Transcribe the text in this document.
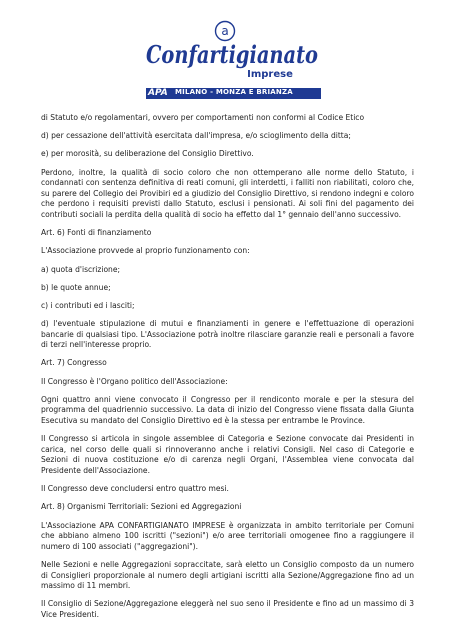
a
Confartigianato
Imprese
APA MILANO - MONZA E BRIANZA

di Statuto e/o regolamentari, ovvero per comportamenti non conformi al Codice Etico

d) per cessazione dell'attività esercitata dall'impresa, e/o scioglimento della ditta;

e) per morosità, su deliberazione del Consiglio Direttivo.

Perdono, inoltre, la qualità di socio coloro che non ottemperano alle norme dello Statuto, i condannati con sentenza definitiva di reati comuni, gli interdetti, i falliti non riabilitati, coloro che, su parere del Collegio dei Provibiri ed a giudizio del Consiglio Direttivo, si rendono indegni e coloro che perdono i requisiti previsti dallo Statuto, esclusi i pensionati. Ai soli fini del pagamento dei contributi sociali la perdita della qualità di socio ha effetto dal 1° gennaio dell'anno successivo.

Art. 6) Fonti di finanziamento

L'Associazione provvede al proprio funzionamento con:

a) quota d'iscrizione;

b) le quote annue;

c) i contributi ed i lasciti;

d) l'eventuale stipulazione di mutui e finanziamenti in genere e l'effettuazione di operazioni bancarie di qualsiasi tipo. L'Associazione potrà inoltre rilasciare garanzie reali e personali a favore di terzi nell'interesse proprio.

Art. 7) Congresso

Il Congresso è l'Organo politico dell'Associazione:

Ogni quattro anni viene convocato il Congresso per il rendiconto morale e per la stesura del programma del quadriennio successivo. La data di inizio del Congresso viene fissata dalla Giunta Esecutiva su mandato del Consiglio Direttivo ed è la stessa per entrambe le Province.

Il Congresso si articola in singole assemblee di Categoria e Sezione convocate dai Presidenti in carica, nel corso delle quali si rinnoveranno anche i relativi Consigli. Nel caso di Categorie e Sezioni di nuova costituzione e/o di carenza negli Organi, l'Assemblea viene convocata dal Presidente dell'Associazione.

Il Congresso deve concludersi entro quattro mesi.

Art. 8) Organismi Territoriali: Sezioni ed Aggregazioni

L'Associazione APA CONFARTIGIANATO IMPRESE è organizzata in ambito territoriale per Comuni che abbiano almeno 100 iscritti ("sezioni") e/o aree territoriali omogenee fino a raggiungere il numero di 100 associati ("aggregazioni").

Nelle Sezioni e nelle Aggregazioni sopraccitate, sarà eletto un Consiglio composto da un numero di Consiglieri proporzionale al numero degli artigiani iscritti alla Sezione/Aggregazione fino ad un massimo di 11 membri.

Il Consiglio di Sezione/Aggregazione eleggerà nel suo seno il Presidente e fino ad un massimo di 3 Vice Presidenti.
